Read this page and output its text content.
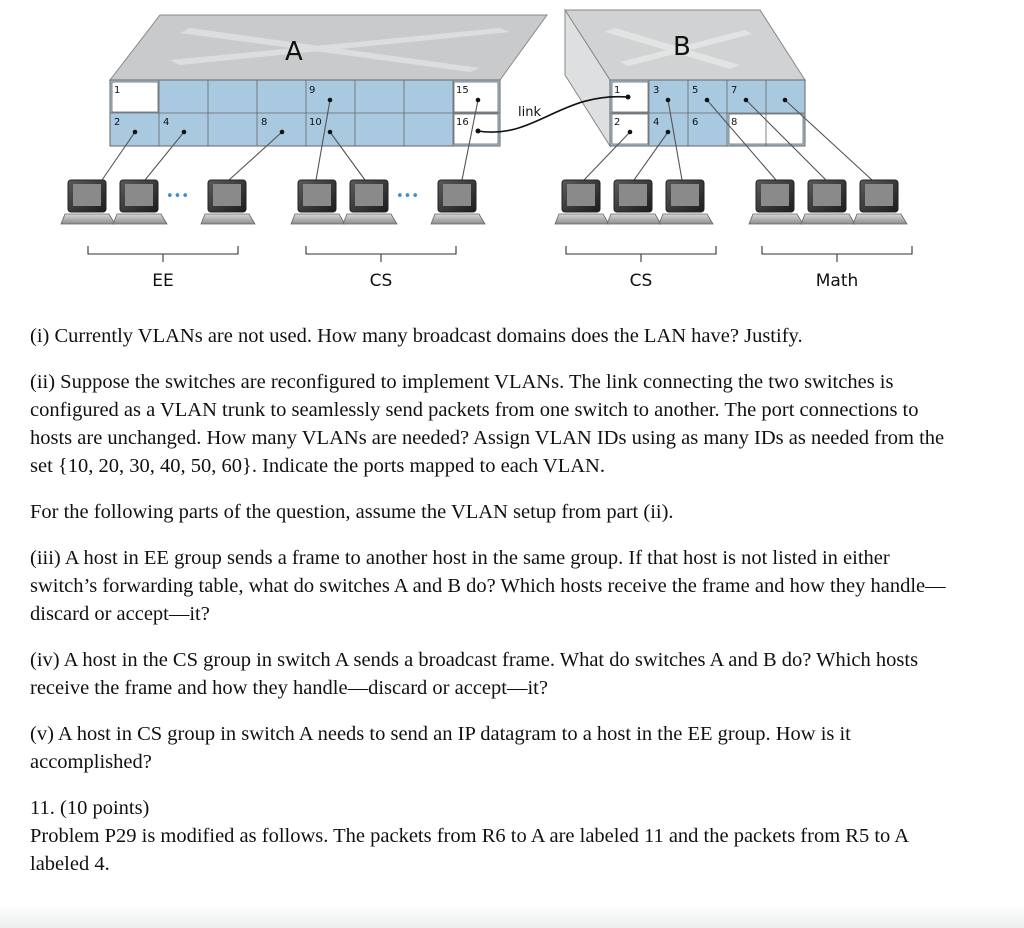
A
1	9	15
2	4	8	10	16
B
1	3	5	7
2	4	6	8
link
•••	•••
EE	CS	CS	Math

(i) Currently VLANs are not used. How many broadcast domains does the LAN have? Justify.

(ii) Suppose the switches are reconfigured to implement VLANs. The link connecting the two switches is configured as a VLAN trunk to seamlessly send packets from one switch to another. The port connections to hosts are unchanged. How many VLANs are needed? Assign VLAN IDs using as many IDs as needed from the set {10, 20, 30, 40, 50, 60}. Indicate the ports mapped to each VLAN.

For the following parts of the question, assume the VLAN setup from part (ii).

(iii) A host in EE group sends a frame to another host in the same group. If that host is not listed in either switch’s forwarding table, what do switches A and B do? Which hosts receive the frame and how they handle—discard or accept—it?

(iv) A host in the CS group in switch A sends a broadcast frame. What do switches A and B do? Which hosts receive the frame and how they handle—discard or accept—it?

(v) A host in CS group in switch A needs to send an IP datagram to a host in the EE group. How is it accomplished?

11. (10 points)

Problem P29 is modified as follows. The packets from R6 to A are labeled 11 and the packets from R5 to A labeled 4.
